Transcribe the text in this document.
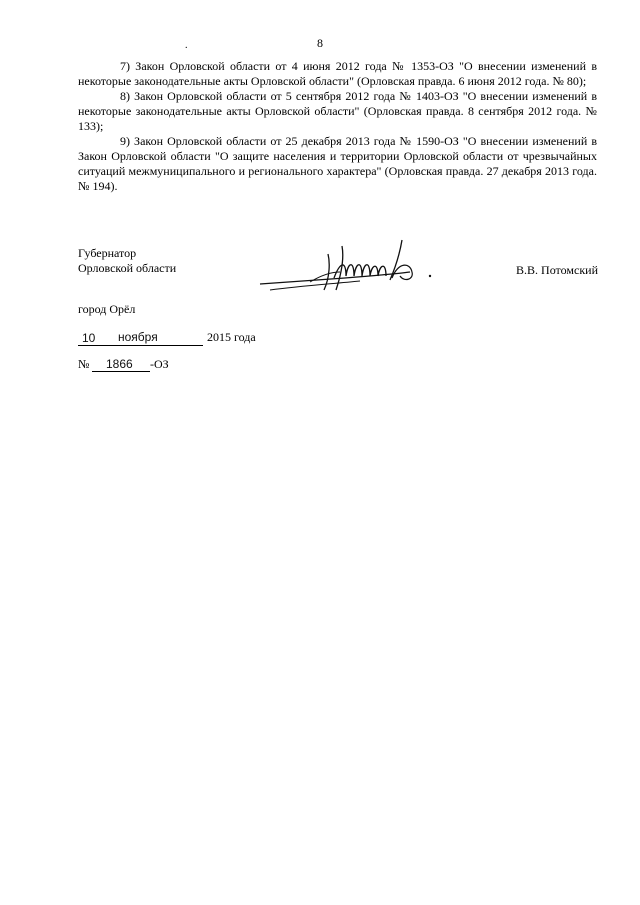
8
.

7) Закон Орловской области от 4 июня 2012 года № 1353-ОЗ "О внесении изменений в некоторые законодательные акты Орловской области" (Орловская правда. 6 июня 2012 года. № 80);

8) Закон Орловской области от 5 сентября 2012 года № 1403-ОЗ "О внесении изменений в некоторые законодательные акты Орловской области" (Орловская правда. 8 сентября 2012 года. № 133);

9) Закон Орловской области от 25 декабря 2013 года № 1590-ОЗ "О внесении изменений в Закон Орловской области "О защите населения и территории Орловской области от чрезвычайных ситуаций межмуниципального и регионального характера" (Орловская правда. 27 декабря 2013 года. № 194).

Губернатор
Орловской области	В.В. Потомский
город Орёл
10 ноября	2015 года
№ 1866 -ОЗ
